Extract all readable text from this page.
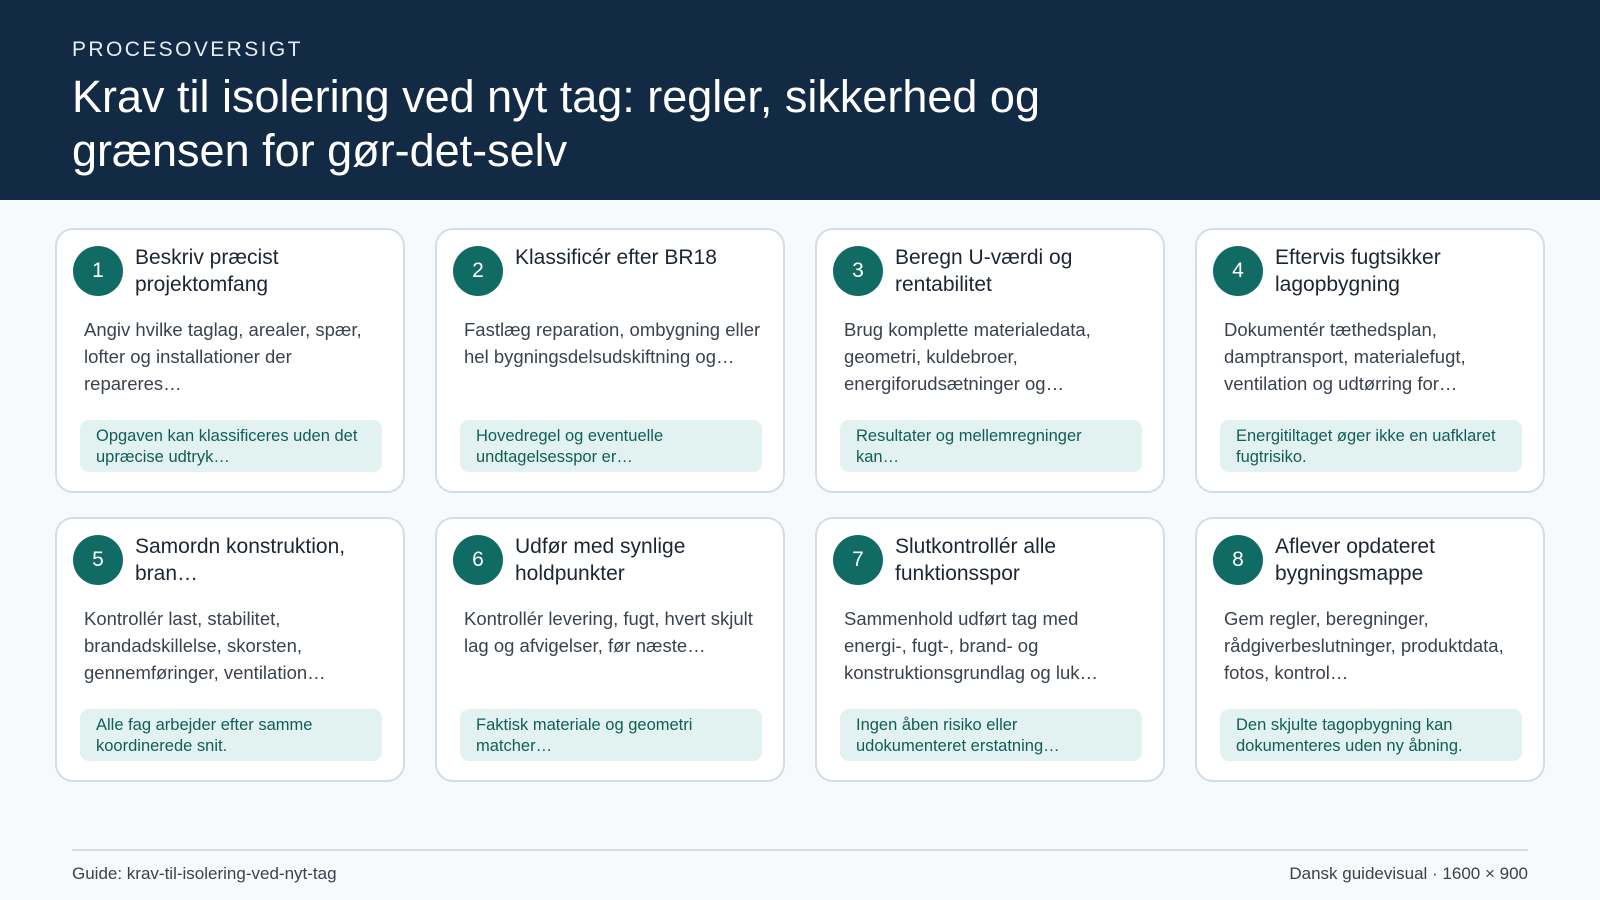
PROCESOVERSIGT
Krav til isolering ved nyt tag: regler, sikkerhed og grænsen for gør-det-selv
1
Beskriv præcist projektomfang
Angiv hvilke taglag, arealer, spær, lofter og installationer der repareres…
Opgaven kan klassificeres uden det upræcise udtryk…
2
Klassificér efter BR18
Fastlæg reparation, ombygning eller hel bygningsdelsudskiftning og…
Hovedregel og eventuelle undtagelsesspor er…
3
Beregn U-værdi og rentabilitet
Brug komplette materialedata, geometri, kuldebroer, energiforudsætninger og…
Resultater og mellemregninger kan…
4
Eftervis fugtsikker lagopbygning
Dokumentér tæthedsplan, damptransport, materialefugt, ventilation og udtørring for…
Energitiltaget øger ikke en uafklaret fugtrisiko.
5
Samordn konstruktion, bran…
Kontrollér last, stabilitet, brandadskillelse, skorsten, gennemføringer, ventilation…
Alle fag arbejder efter samme koordinerede snit.
6
Udfør med synlige holdpunkter
Kontrollér levering, fugt, hvert skjult lag og afvigelser, før næste…
Faktisk materiale og geometri matcher…
7
Slutkontrollér alle funktionsspor
Sammenhold udført tag med energi-, fugt-, brand- og konstruktionsgrundlag og luk…
Ingen åben risiko eller udokumenteret erstatning…
8
Aflever opdateret bygningsmappe
Gem regler, beregninger, rådgiverbeslutninger, produktdata, fotos, kontrol…
Den skjulte tagopbygning kan dokumenteres uden ny åbning.
Guide: krav-til-isolering-ved-nyt-tag	Dansk guidevisual · 1600 × 900
